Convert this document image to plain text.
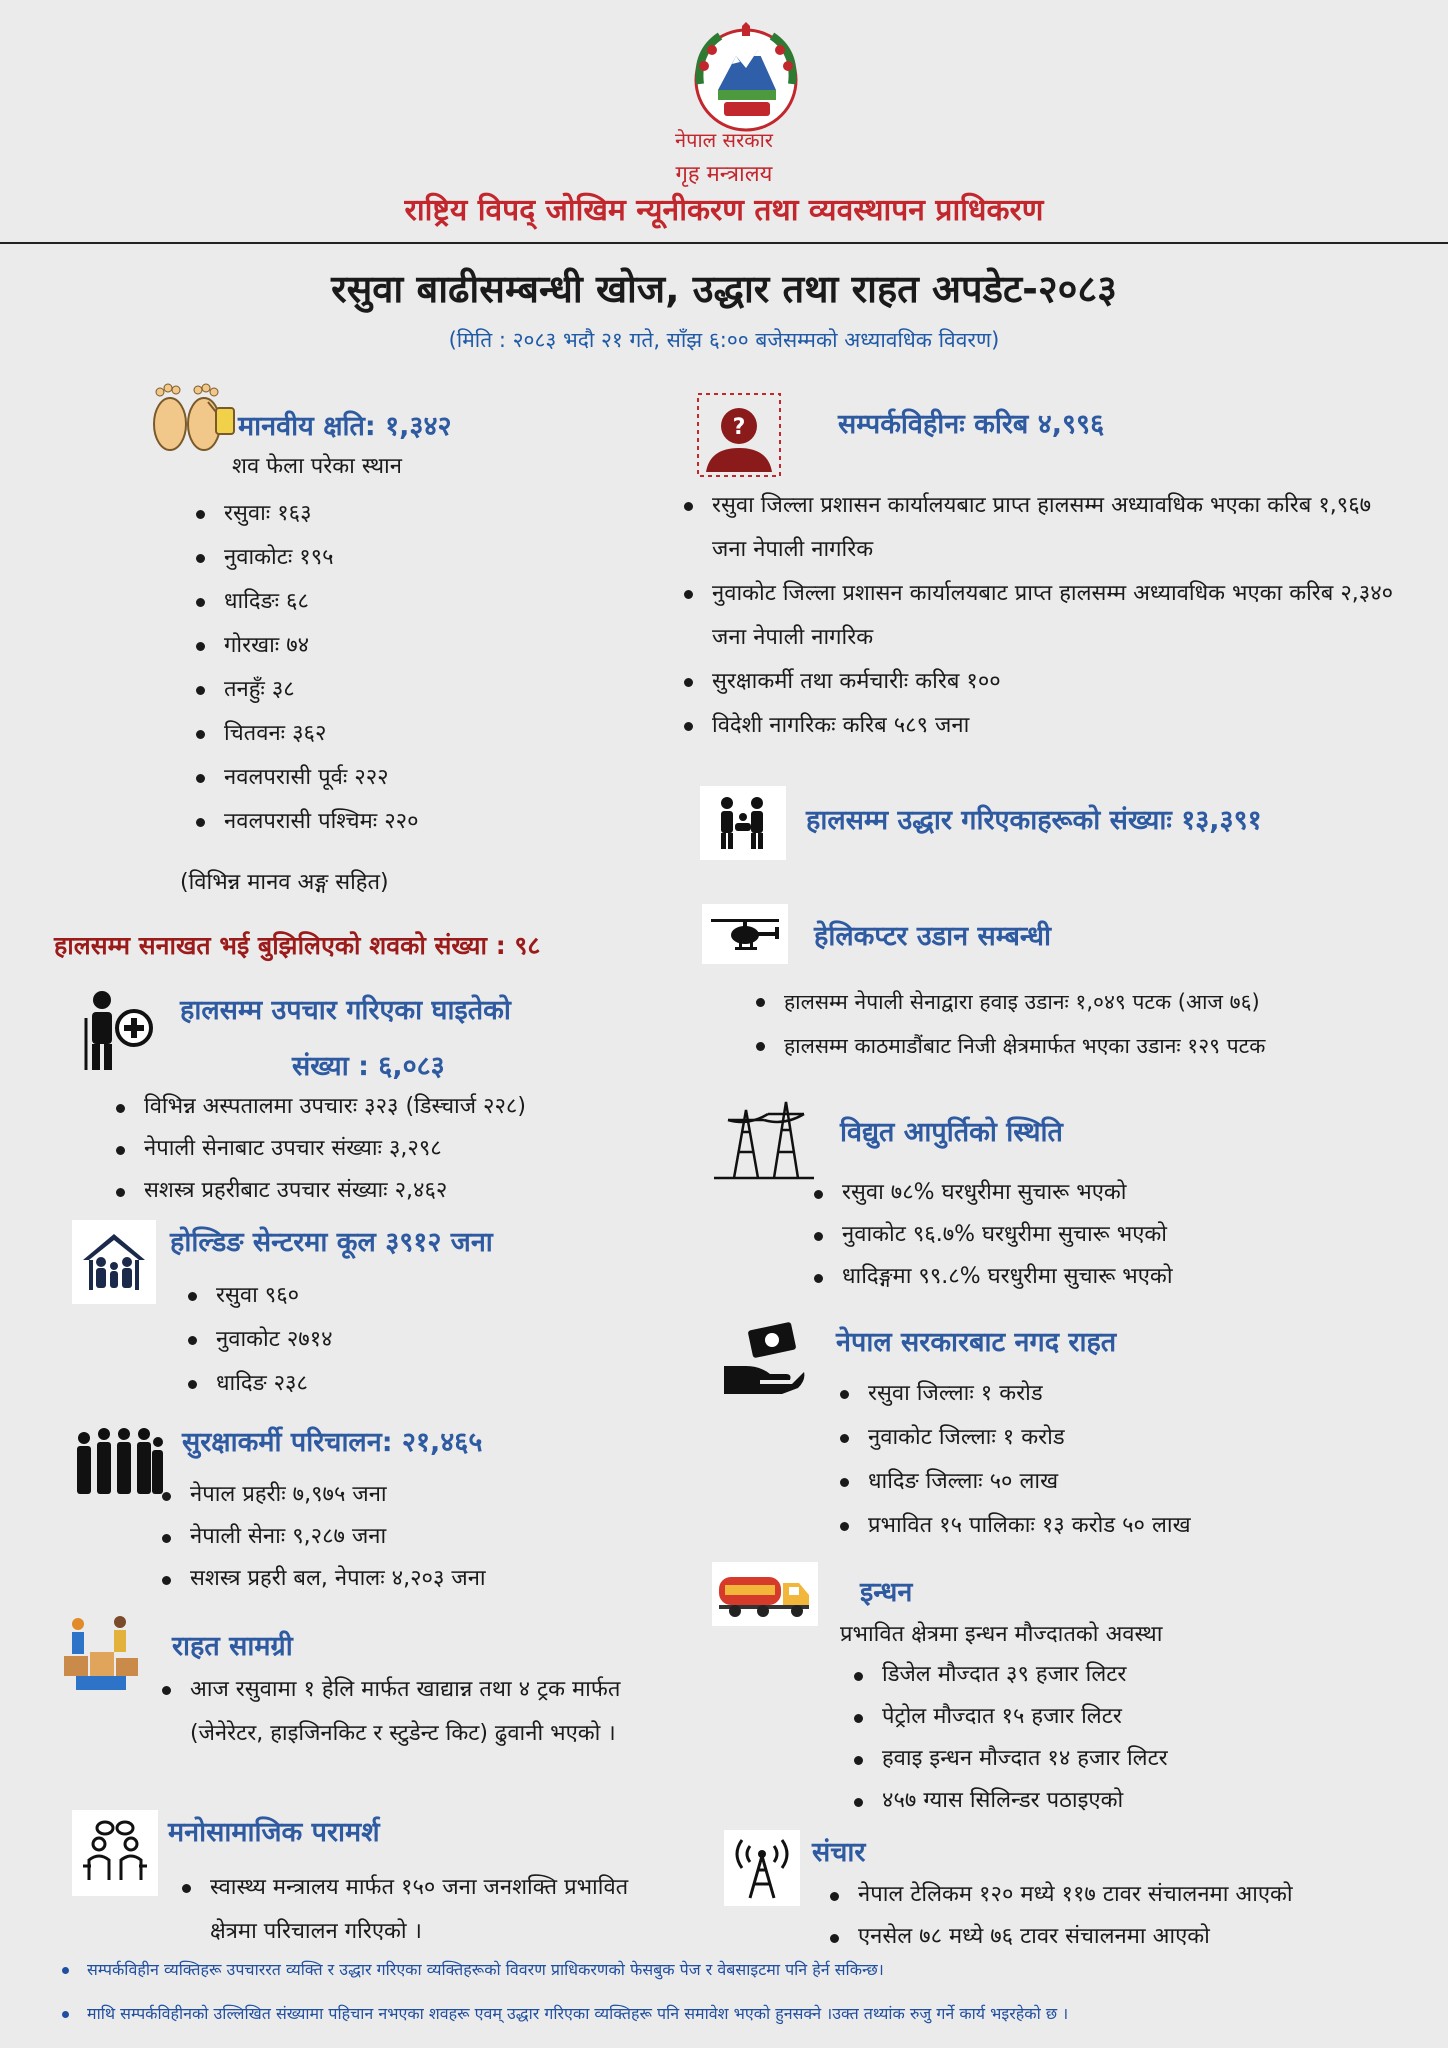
नेपाल सरकार
गृह मन्त्रालय
राष्ट्रिय विपद् जोखिम न्यूनीकरण तथा व्यवस्थापन प्राधिकरण
रसुवा बाढीसम्बन्धी खोज, उद्धार तथा राहत अपडेट-२०८३
(मिति : २०८३ भदौ २१ गते, साँझ ६:०० बजेसम्मको अध्यावधिक विवरण)
मानवीय क्षति: १,३४२
शव फेला परेका स्थान
रसुवाः १६३
नुवाकोटः १९५
धादिङः ६८
गोरखाः ७४
तनहुँः ३८
चितवनः ३६२
नवलपरासी पूर्वः २२२
नवलपरासी पश्चिमः २२०
(विभिन्न मानव अङ्ग सहित)
हालसम्म सनाखत भई बुझिलिएको शवको संख्या : ९८
हालसम्म उपचार गरिएका घाइतेको
संख्या : ६,०८३
विभिन्न अस्पतालमा उपचारः ३२३ (डिस्चार्ज २२८)
नेपाली सेनाबाट उपचार संख्याः ३,२९८
सशस्त्र प्रहरीबाट उपचार संख्याः २,४६२
होल्डिङ सेन्टरमा कूल ३९१२ जना
रसुवा ९६०
नुवाकोट २७१४
धादिङ २३८
सुरक्षाकर्मी परिचालन: २१,४६५
नेपाल प्रहरीः ७,९७५ जना
नेपाली सेनाः ९,२८७ जना
सशस्त्र प्रहरी बल, नेपालः ४,२०३ जना
राहत सामग्री
आज रसुवामा १ हेलि मार्फत खाद्यान्न तथा ४ ट्रक मार्फत (जेनेरेटर, हाइजिनकिट र स्टुडेन्ट किट) ढुवानी भएको ।
मनोसामाजिक परामर्श
स्वास्थ्य मन्त्रालय मार्फत १५० जना जनशक्ति प्रभावित क्षेत्रमा परिचालन गरिएको ।
?	सम्पर्कविहीनः करिब ४,९९६
रसुवा जिल्ला प्रशासन कार्यालयबाट प्राप्त हालसम्म अध्यावधिक भएका करिब १,९६७ जना नेपाली नागरिक
नुवाकोट जिल्ला प्रशासन कार्यालयबाट प्राप्त हालसम्म अध्यावधिक भएका करिब २,३४० जना नेपाली नागरिक
सुरक्षाकर्मी तथा कर्मचारीः करिब १००
विदेशी नागरिकः करिब ५८९ जना
हालसम्म उद्धार गरिएकाहरूको संख्याः १३,३९१
हेलिकप्टर उडान सम्बन्धी
हालसम्म नेपाली सेनाद्वारा हवाइ उडानः १,०४९ पटक (आज ७६)
हालसम्म काठमाडौंबाट निजी क्षेत्रमार्फत भएका उडानः १२९ पटक
विद्युत आपुर्तिको स्थिति
रसुवा ७८% घरधुरीमा सुचारू भएको
नुवाकोट ९६.७% घरधुरीमा सुचारू भएको
धादिङ्गमा ९९.८% घरधुरीमा सुचारू भएको
नेपाल सरकारबाट नगद राहत
रसुवा जिल्लाः १ करोड
नुवाकोट जिल्लाः १ करोड
धादिङ जिल्लाः ५० लाख
प्रभावित १५ पालिकाः १३ करोड ५० लाख
इन्धन
प्रभावित क्षेत्रमा इन्धन मौज्दातको अवस्था
डिजेल मौज्दात ३९ हजार लिटर
पेट्रोल मौज्दात १५ हजार लिटर
हवाइ इन्धन मौज्दात १४ हजार लिटर
४५७ ग्यास सिलिन्डर पठाइएको
संचार
नेपाल टेलिकम १२० मध्ये ११७ टावर संचालनमा आएको
एनसेल ७८ मध्ये ७६ टावर संचालनमा आएको
सम्पर्कविहीन व्यक्तिहरू उपचाररत व्यक्ति र उद्धार गरिएका व्यक्तिहरूको विवरण प्राधिकरणको फेसबुक पेज र वेबसाइटमा पनि हेर्न सकिन्छ।
माथि सम्पर्कविहीनको उल्लिखित संख्यामा पहिचान नभएका शवहरू एवम् उद्धार गरिएका व्यक्तिहरू पनि समावेश भएको हुनसक्ने ।उक्त तथ्यांक रुजु गर्ने कार्य भइरहेको छ ।
